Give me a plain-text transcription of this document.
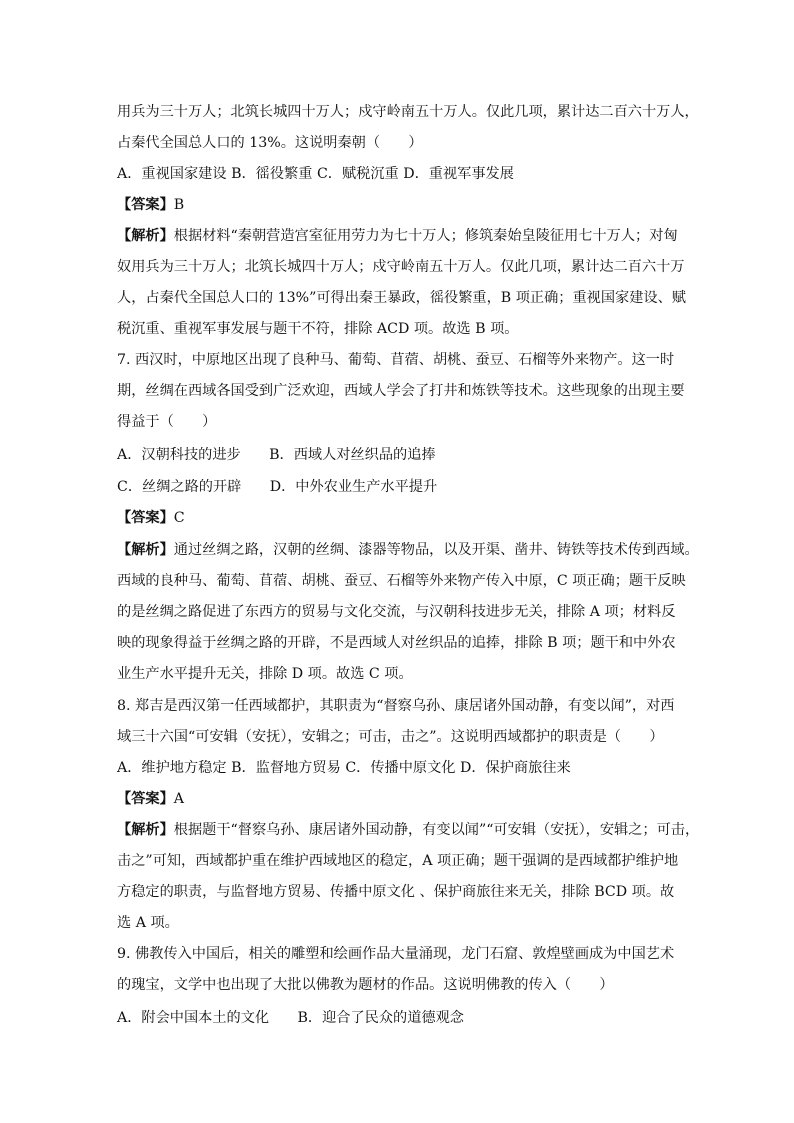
用兵为三十万人；北筑长城四十万人；戍守岭南五十万人。仅此几项，累计达二百六十万人，
占秦代全国总人口的 13%。这说明秦朝（　　）
A．重视国家建设 B．徭役繁重 C．赋税沉重 D．重视军事发展
【答案】B
【解析】根据材料“秦朝营造宫室征用劳力为七十万人；修筑秦始皇陵征用七十万人；对匈
奴用兵为三十万人；北筑长城四十万人；戍守岭南五十万人。仅此几项，累计达二百六十万
人，占秦代全国总人口的 13%”可得出秦王暴政，徭役繁重，B 项正确；重视国家建设、赋
税沉重、重视军事发展与题干不符，排除 ACD 项。故选 B 项。
7. 西汉时，中原地区出现了良种马、葡萄、苜蓿、胡桃、蚕豆、石榴等外来物产。这一时
期，丝绸在西域各国受到广泛欢迎，西域人学会了打井和炼铁等技术。这些现象的出现主要
得益于（　　）
A．汉朝科技的进步　　B．西域人对丝织品的追捧
C．丝绸之路的开辟　　D．中外农业生产水平提升
【答案】C
【解析】通过丝绸之路，汉朝的丝绸、漆器等物品，以及开渠、凿井、铸铁等技术传到西域。
西域的良种马、葡萄、苜蓿、胡桃、蚕豆、石榴等外来物产传入中原，C 项正确；题干反映
的是丝绸之路促进了东西方的贸易与文化交流，与汉朝科技进步无关，排除 A 项；材料反
映的现象得益于丝绸之路的开辟，不是西域人对丝织品的追捧，排除 B 项；题干和中外农
业生产水平提升无关，排除 D 项。故选 C 项。
8. 郑吉是西汉第一任西域都护，其职责为“督察乌孙、康居诸外国动静，有变以闻”，对西
域三十六国“可安辑（安抚），安辑之；可击，击之”。这说明西域都护的职责是（　　）
A．维护地方稳定 B．监督地方贸易 C．传播中原文化 D．保护商旅往来
【答案】A
【解析】根据题干“督察乌孙、康居诸外国动静，有变以闻”“可安辑（安抚），安辑之；可击，
击之”可知，西域都护重在维护西域地区的稳定，A 项正确；题干强调的是西域都护维护地
方稳定的职责，与监督地方贸易、传播中原文化 、保护商旅往来无关，排除 BCD 项。故
选 A 项。
9. 佛教传入中国后，相关的雕塑和绘画作品大量涌现，龙门石窟、敦煌壁画成为中国艺术
的瑰宝，文学中也出现了大批以佛教为题材的作品。这说明佛教的传入（　　）
A．附会中国本土的文化　　B．迎合了民众的道德观念
